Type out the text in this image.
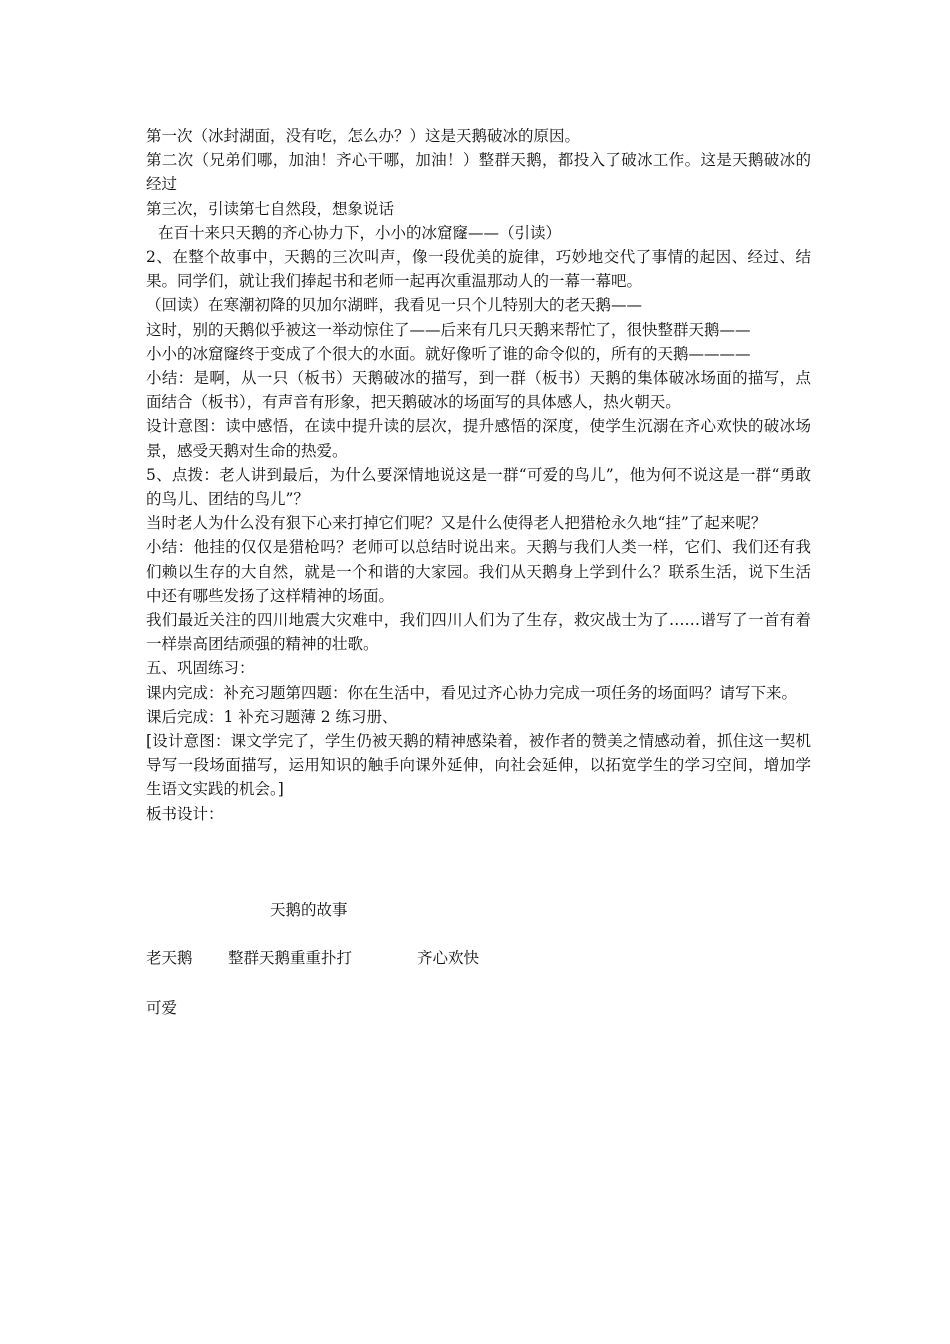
第一次（冰封湖面，没有吃，怎么办？）这是天鹅破冰的原因。

第二次（兄弟们哪，加油！齐心干哪，加油！）整群天鹅，都投入了破冰工作。这是天鹅破冰的经过

第三次，引读第七自然段，想象说话

在百十来只天鹅的齐心协力下，小小的冰窟窿——（引读）

2、在整个故事中，天鹅的三次叫声，像一段优美的旋律，巧妙地交代了事情的起因、经过、结果。同学们，就让我们捧起书和老师一起再次重温那动人的一幕一幕吧。

（回读）在寒潮初降的贝加尔湖畔，我看见一只个儿特别大的老天鹅——

这时，别的天鹅似乎被这一举动惊住了——后来有几只天鹅来帮忙了，很快整群天鹅——

小小的冰窟窿终于变成了个很大的水面。就好像听了谁的命令似的，所有的天鹅————

小结：是啊，从一只（板书）天鹅破冰的描写，到一群（板书）天鹅的集体破冰场面的描写，点面结合（板书），有声音有形象，把天鹅破冰的场面写的具体感人，热火朝天。

设计意图：读中感悟，在读中提升读的层次，提升感悟的深度，使学生沉溺在齐心欢快的破冰场景，感受天鹅对生命的热爱。

5、点拨：老人讲到最后，为什么要深情地说这是一群“可爱的鸟儿”，他为何不说这是一群“勇敢的鸟儿、团结的鸟儿”？

当时老人为什么没有狠下心来打掉它们呢？又是什么使得老人把猎枪永久地“挂”了起来呢？

小结：他挂的仅仅是猎枪吗？老师可以总结时说出来。天鹅与我们人类一样，它们、我们还有我们赖以生存的大自然，就是一个和谐的大家园。我们从天鹅身上学到什么？联系生活，说下生活中还有哪些发扬了这样精神的场面。

我们最近关注的四川地震大灾难中，我们四川人们为了生存，救灾战士为了……谱写了一首有着一样崇高团结顽强的精神的壮歌。

五、巩固练习：

课内完成：补充习题第四题：你在生活中，看见过齐心协力完成一项任务的场面吗？请写下来。

课后完成：1 补充习题薄 2 练习册、

[设计意图：课文学完了，学生仍被天鹅的精神感染着，被作者的赞美之情感动着，抓住这一契机导写一段场面描写，运用知识的触手向课外延伸，向社会延伸，以拓宽学生的学习空间，增加学生语文实践的机会。]

板书设计：

天鹅的故事
老天鹅 整群天鹅重重扑打	齐心欢快
可爱
